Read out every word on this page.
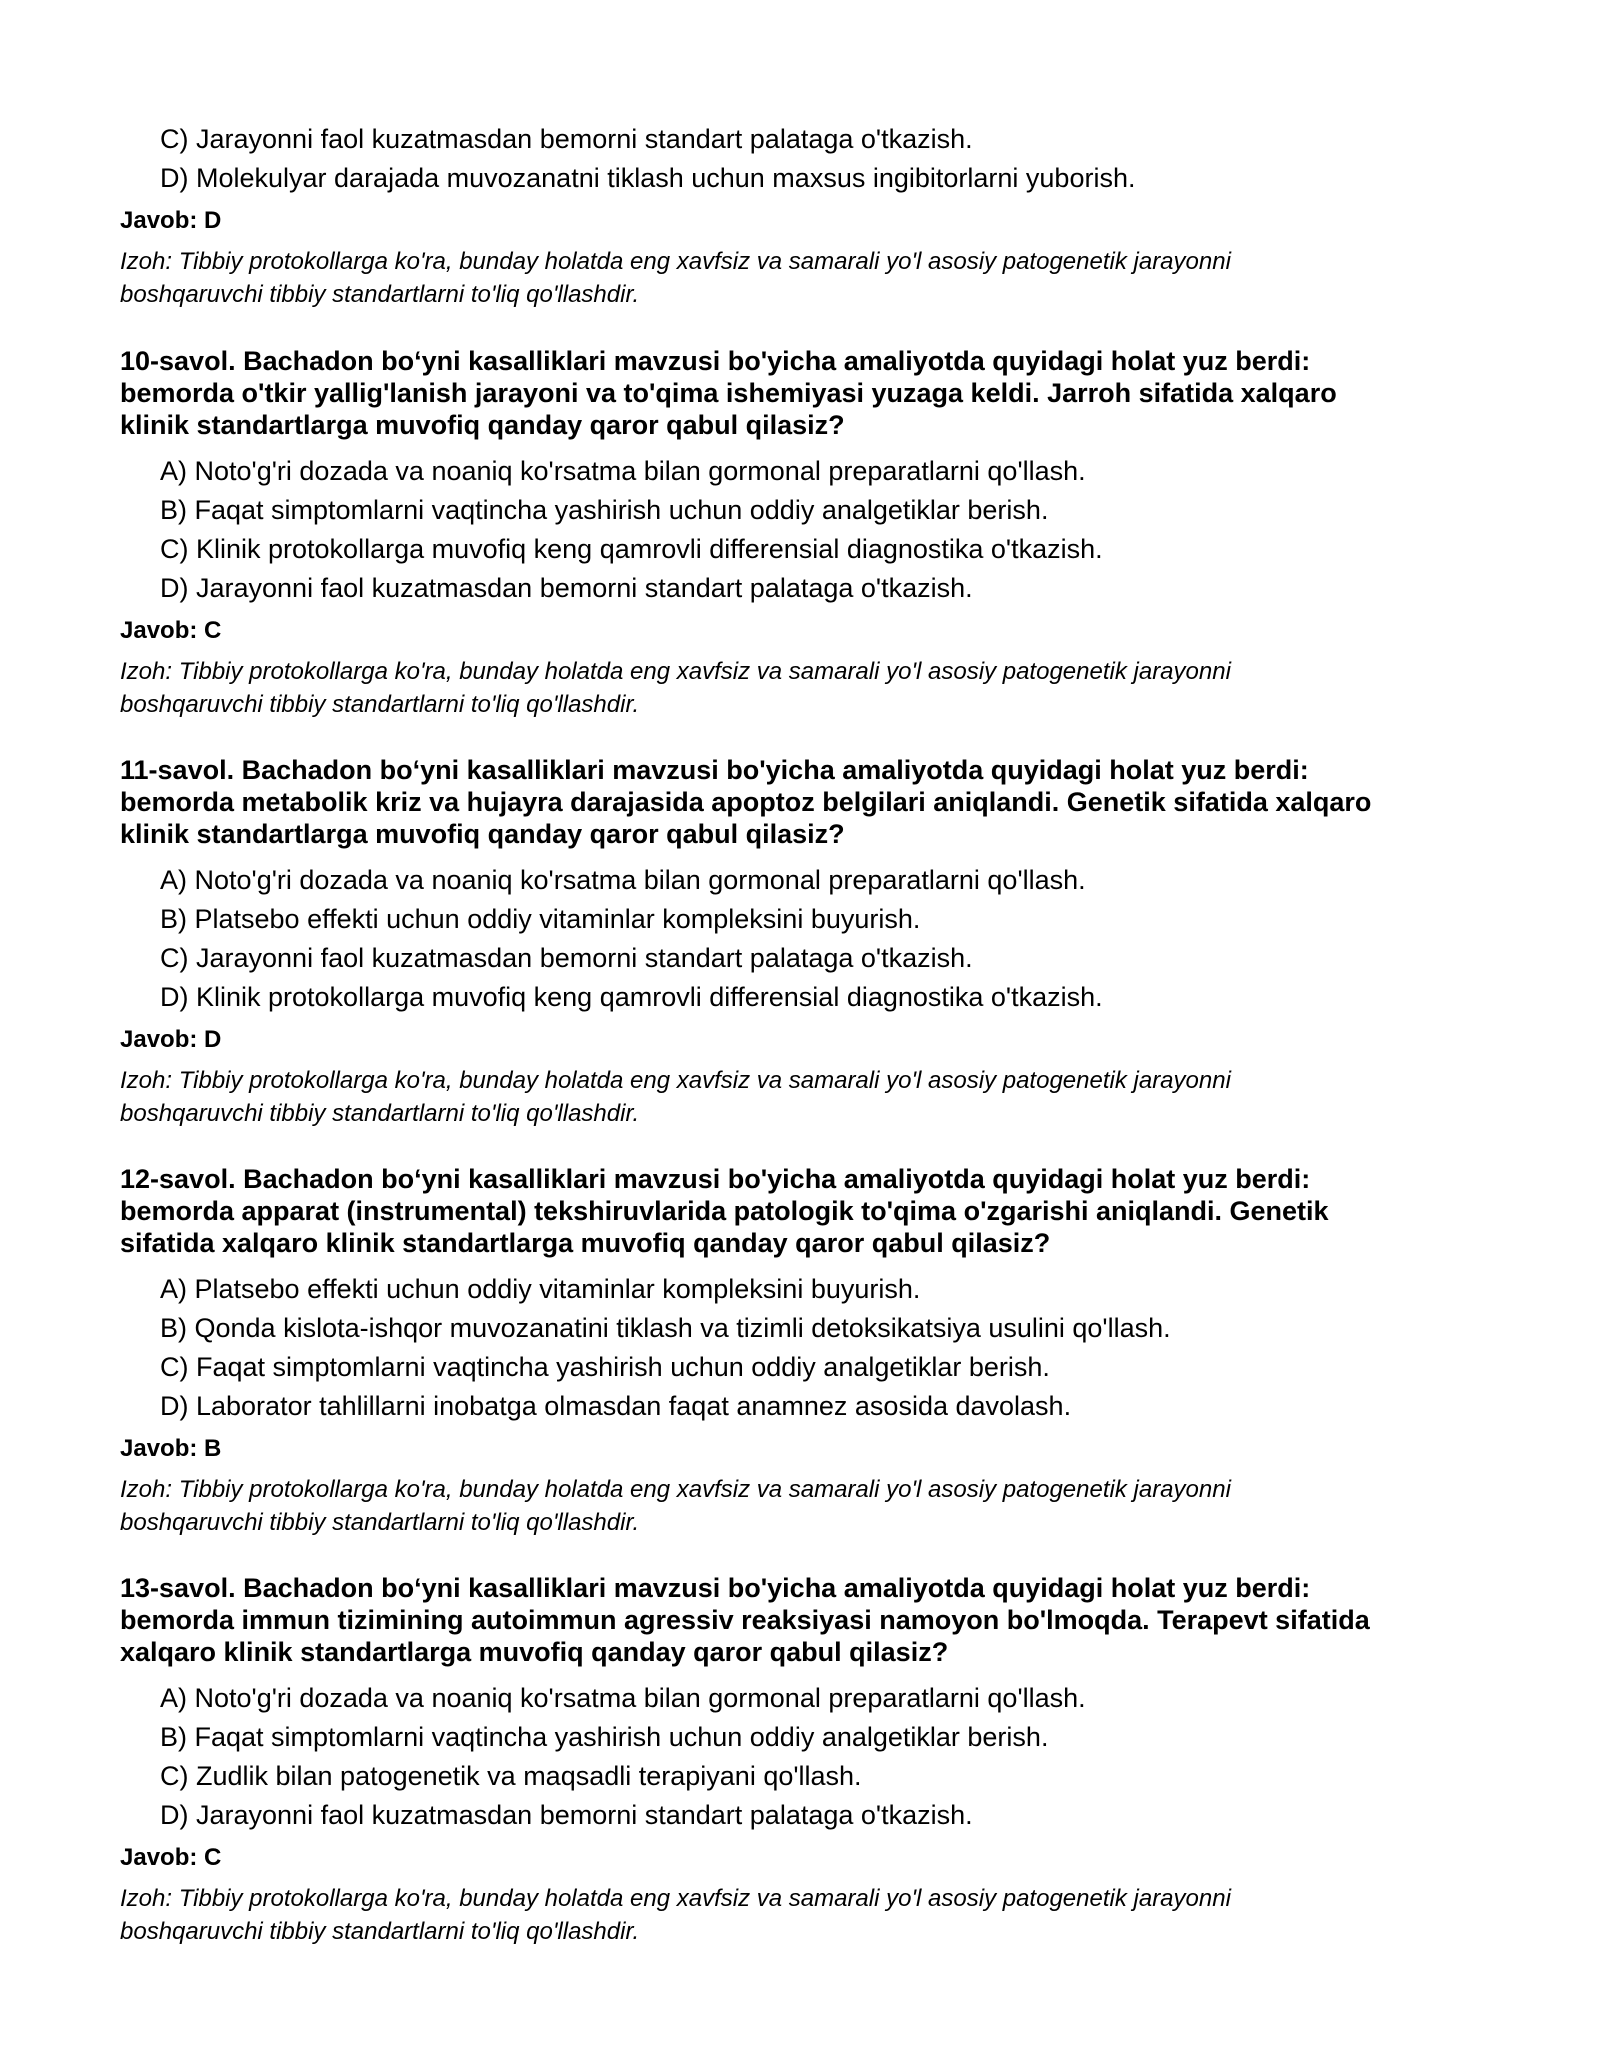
C) Jarayonni faol kuzatmasdan bemorni standart palataga o'tkazish.
D) Molekulyar darajada muvozanatni tiklash uchun maxsus ingibitorlarni yuborish.
Javob: D
Izoh: Tibbiy protokollarga ko'ra, bunday holatda eng xavfsiz va samarali yo'l asosiy patogenetik jarayonni
boshqaruvchi tibbiy standartlarni to'liq qo'llashdir.
10-savol. Bachadon bo‘yni kasalliklari mavzusi bo'yicha amaliyotda quyidagi holat yuz berdi:
bemorda o'tkir yallig'lanish jarayoni va to'qima ishemiyasi yuzaga keldi. Jarroh sifatida xalqaro
klinik standartlarga muvofiq qanday qaror qabul qilasiz?
A) Noto'g'ri dozada va noaniq ko'rsatma bilan gormonal preparatlarni qo'llash.
B) Faqat simptomlarni vaqtincha yashirish uchun oddiy analgetiklar berish.
C) Klinik protokollarga muvofiq keng qamrovli differensial diagnostika o'tkazish.
D) Jarayonni faol kuzatmasdan bemorni standart palataga o'tkazish.
Javob: C
Izoh: Tibbiy protokollarga ko'ra, bunday holatda eng xavfsiz va samarali yo'l asosiy patogenetik jarayonni
boshqaruvchi tibbiy standartlarni to'liq qo'llashdir.
11-savol. Bachadon bo‘yni kasalliklari mavzusi bo'yicha amaliyotda quyidagi holat yuz berdi:
bemorda metabolik kriz va hujayra darajasida apoptoz belgilari aniqlandi. Genetik sifatida xalqaro
klinik standartlarga muvofiq qanday qaror qabul qilasiz?
A) Noto'g'ri dozada va noaniq ko'rsatma bilan gormonal preparatlarni qo'llash.
B) Platsebo effekti uchun oddiy vitaminlar kompleksini buyurish.
C) Jarayonni faol kuzatmasdan bemorni standart palataga o'tkazish.
D) Klinik protokollarga muvofiq keng qamrovli differensial diagnostika o'tkazish.
Javob: D
Izoh: Tibbiy protokollarga ko'ra, bunday holatda eng xavfsiz va samarali yo'l asosiy patogenetik jarayonni
boshqaruvchi tibbiy standartlarni to'liq qo'llashdir.
12-savol. Bachadon bo‘yni kasalliklari mavzusi bo'yicha amaliyotda quyidagi holat yuz berdi:
bemorda apparat (instrumental) tekshiruvlarida patologik to'qima o'zgarishi aniqlandi. Genetik
sifatida xalqaro klinik standartlarga muvofiq qanday qaror qabul qilasiz?
A) Platsebo effekti uchun oddiy vitaminlar kompleksini buyurish.
B) Qonda kislota-ishqor muvozanatini tiklash va tizimli detoksikatsiya usulini qo'llash.
C) Faqat simptomlarni vaqtincha yashirish uchun oddiy analgetiklar berish.
D) Laborator tahlillarni inobatga olmasdan faqat anamnez asosida davolash.
Javob: B
Izoh: Tibbiy protokollarga ko'ra, bunday holatda eng xavfsiz va samarali yo'l asosiy patogenetik jarayonni
boshqaruvchi tibbiy standartlarni to'liq qo'llashdir.
13-savol. Bachadon bo‘yni kasalliklari mavzusi bo'yicha amaliyotda quyidagi holat yuz berdi:
bemorda immun tizimining autoimmun agressiv reaksiyasi namoyon bo'lmoqda. Terapevt sifatida
xalqaro klinik standartlarga muvofiq qanday qaror qabul qilasiz?
A) Noto'g'ri dozada va noaniq ko'rsatma bilan gormonal preparatlarni qo'llash.
B) Faqat simptomlarni vaqtincha yashirish uchun oddiy analgetiklar berish.
C) Zudlik bilan patogenetik va maqsadli terapiyani qo'llash.
D) Jarayonni faol kuzatmasdan bemorni standart palataga o'tkazish.
Javob: C
Izoh: Tibbiy protokollarga ko'ra, bunday holatda eng xavfsiz va samarali yo'l asosiy patogenetik jarayonni
boshqaruvchi tibbiy standartlarni to'liq qo'llashdir.
